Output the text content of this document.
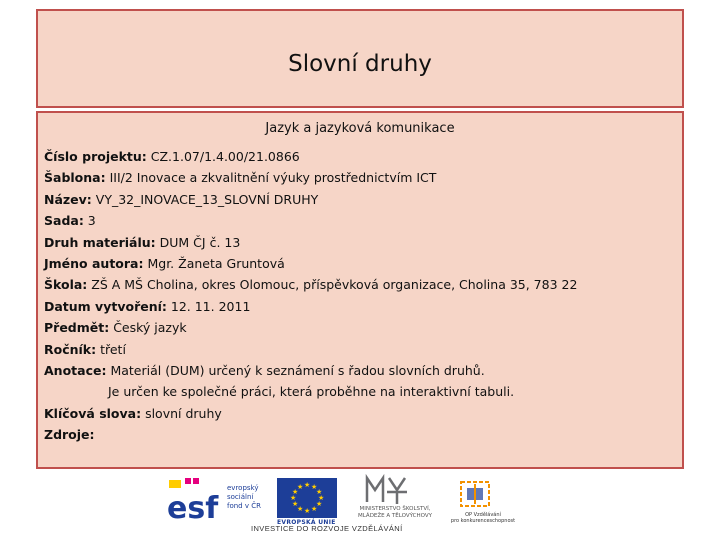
Slovní druhy
Jazyk a jazyková komunikace
Číslo projektu: CZ.1.07/1.4.00/21.0866
Šablona: III/2 Inovace a zkvalitnění výuky prostřednictvím ICT
Název: VY_32_INOVACE_13_SLOVNÍ DRUHY
Sada: 3
Druh materiálu: DUM ČJ č. 13
Jméno autora: Mgr. Žaneta Gruntová
Škola: ZŠ A MŠ Cholina, okres Olomouc, příspěvková organizace, Cholina 35, 783 22
Datum vytvoření: 12. 11. 2011
Předmět: Český jazyk
Ročník: třetí
Anotace: Materiál (DUM) určený k seznámení s řadou slovních druhů.
Je určen ke společné práci, která proběhne na interaktivní tabuli.
Klíčová slova: slovní druhy
Zdroje:
esf
evropský
sociální
fond v ČR
★ ★
★
★
★
★
★
★
★
★
★
★
EVROPSKÁ UNIE
MINISTERSTVO ŠKOLSTVÍ,
MLÁDEŽE A TĚLOVÝCHOVY	OP Vzdělávání
pro konkurenceschopnost
INVESTICE DO ROZVOJE VZDĚLÁVÁNÍ
